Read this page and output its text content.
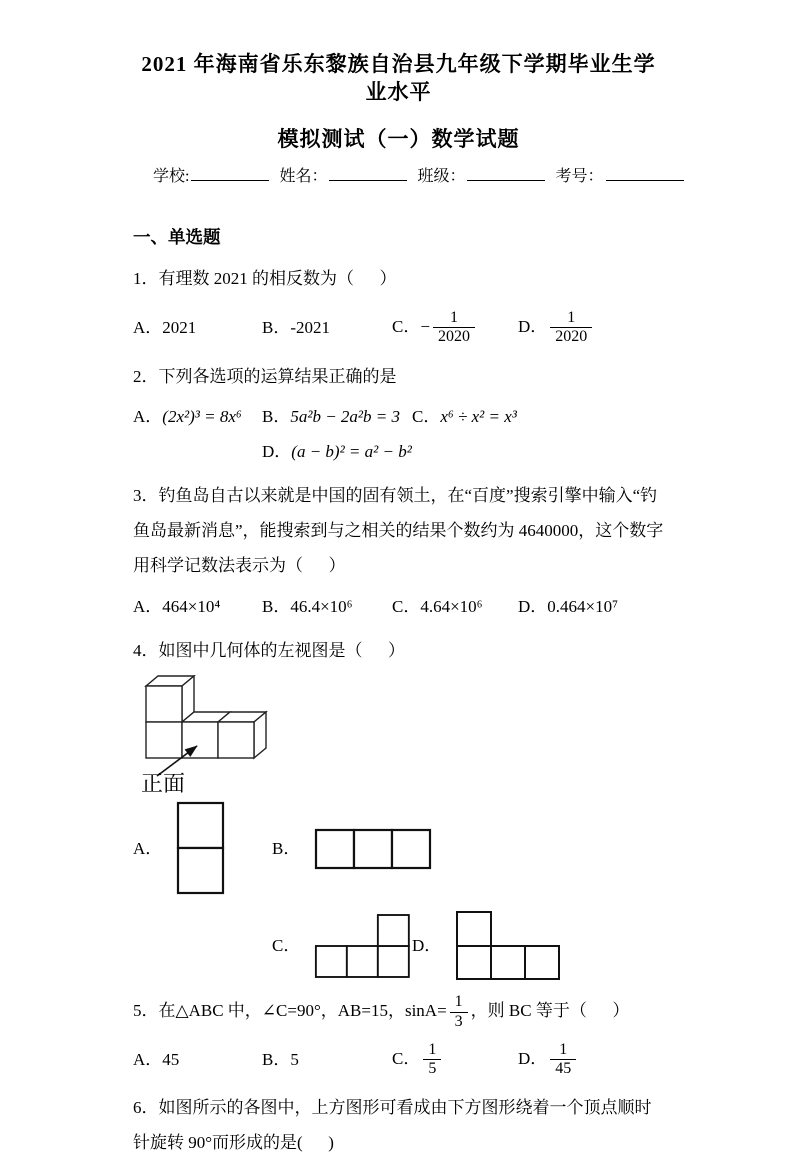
2021 年海南省乐东黎族自治县九年级下学期毕业生学业水平
模拟测试（一）数学试题
学校:	姓名：	班级：	考号：
一、单选题
1．有理数 2021 的相反数为（      ）
A．2021	B．-2021	C．− $\frac{1}{2020}$	D． $\frac{1}{2020}$
2．下列各选项的运算结果正确的是
A．(2x²)³ = 8x⁶	B．5a²b − 2a²b = 3 C．x⁶ ÷ x² = x³
D．(a − b)² = a² − b²
3．钓鱼岛自古以来就是中国的固有领土，在“百度”搜索引擎中输入“钓鱼岛最新消息”，能搜索到与之相关的结果个数约为 4640000，这个数字用科学记数法表示为（      ）
A．464×10⁴	B．46.4×10⁶	C．4.64×10⁶	D．0.464×10⁷
4．如图中几何体的左视图是（      ）
正面
A．	B．
C．	D．
5．在△ABC 中，∠C=90°，AB=15，$\sin A= \frac{1}{3}$ ，则 BC 等于（      ）
A．45	B．5	C． $\frac{1}{5}$	D． $\frac{1}{45}$
6．如图所示的各图中，上方图形可看成由下方图形绕着一个顶点顺时针旋转 90°而形成的是(      )
